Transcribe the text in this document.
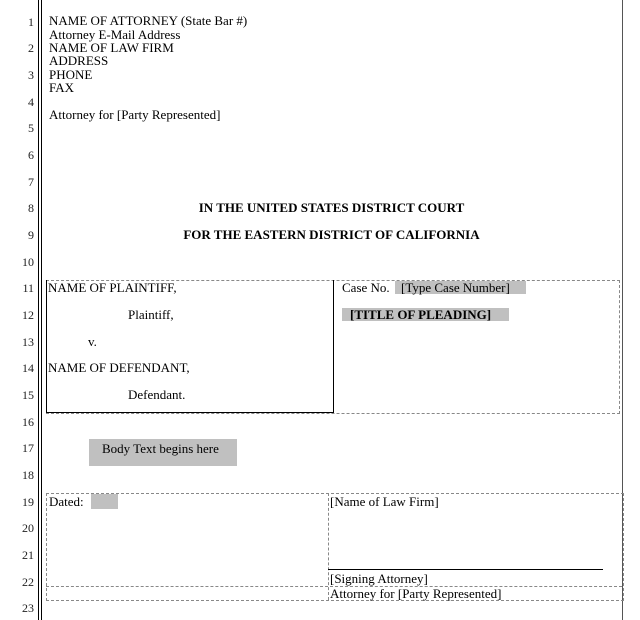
1
2
3
4
5
6
7
8
9
10
11
12
13
14
15
16
17
18
19
20
21
22
23
NAME OF ATTORNEY (State Bar #)
Attorney E-Mail Address
NAME OF LAW FIRM
ADDRESS
PHONE
FAX
Attorney for [Party Represented]
IN THE UNITED STATES DISTRICT COURT
FOR THE EASTERN DISTRICT OF CALIFORNIA
NAME OF PLAINTIFF,
Plaintiff,
v.
NAME OF DEFENDANT,
Defendant.
Case No. [Type Case Number]
[TITLE OF PLEADING]
Body Text begins here
Dated:	[Name of Law Firm]
[Signing Attorney]
Attorney for [Party Represented]
